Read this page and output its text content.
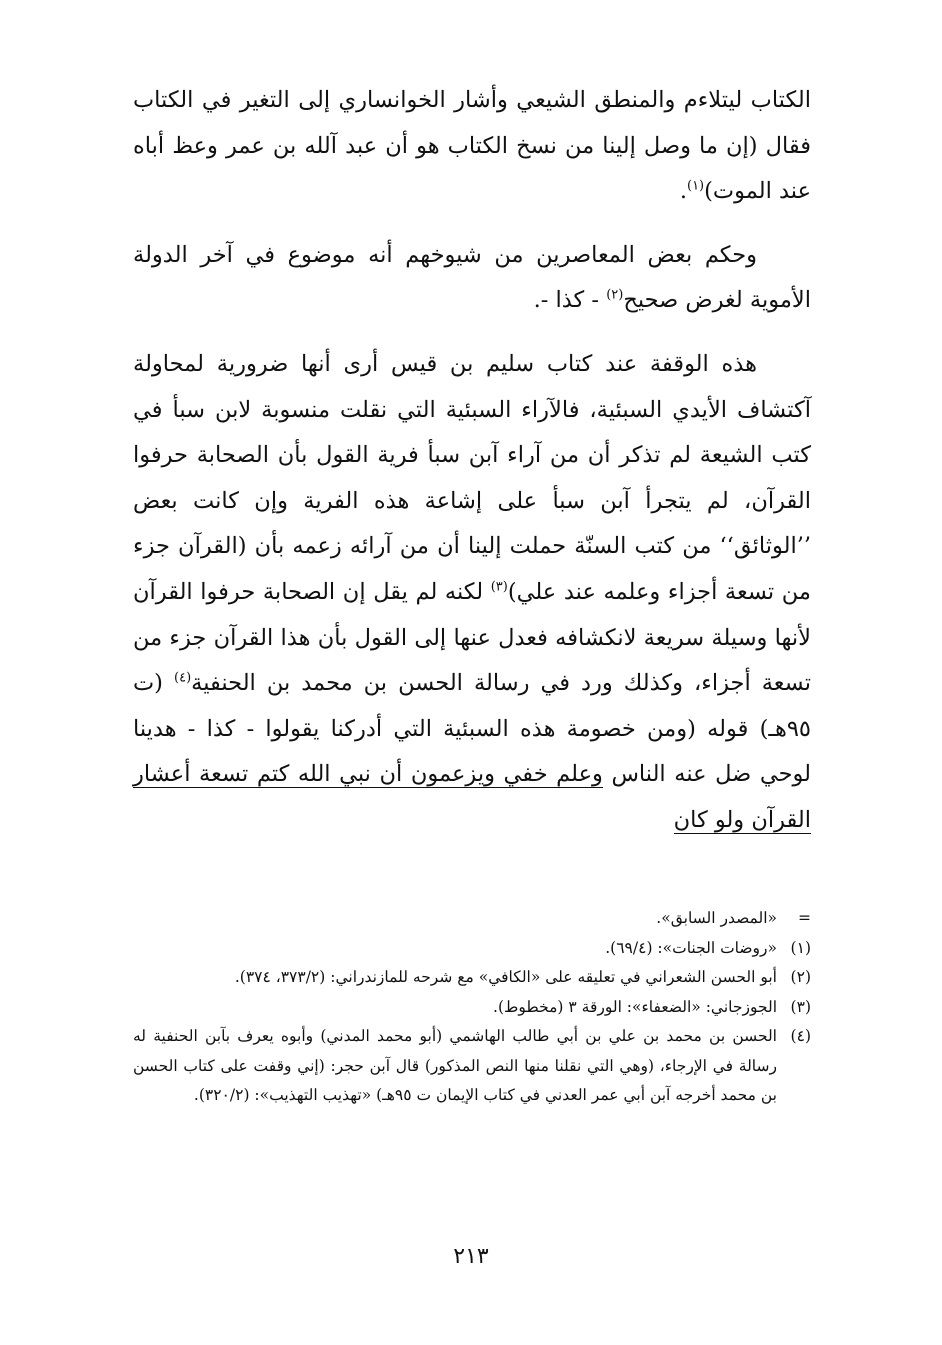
الكتاب ليتلاءم والمنطق الشيعي وأشار الخوانساري إلى التغير في الكتاب فقال (إن ما وصل إلينا من نسخ الكتاب هو أن عبد آلله بن عمر وعظ أباه عند الموت)$^{(١)}$.

وحكم بعض المعاصرين من شيوخهم أنه موضوع في آخر الدولة الأموية لغرض صحيح$^{(٢)}$ - كذا -.

هذه الوقفة عند كتاب سليم بن قيس أرى أنها ضرورية لمحاولة آكتشاف الأيدي السبئية، فالآراء السبئية التي نقلت منسوبة لابن سبأ في كتب الشيعة لم تذكر أن من آراء آبن سبأ فرية القول بأن الصحابة حرفوا القرآن، لم يتجرأ آبن سبأ على إشاعة هذه الفرية وإن كانت بعض ’’الوثائق‘‘ من كتب السنّة حملت إلينا أن من آرائه زعمه بأن (القرآن جزء من تسعة أجزاء وعلمه عند علي)$^{(٣)}$ لكنه لم يقل إن الصحابة حرفوا القرآن لأنها وسيلة سريعة لانكشافه فعدل عنها إلى القول بأن هذا القرآن جزء من تسعة أجزاء، وكذلك ورد في رسالة الحسن بن محمد بن الحنفية$^{(٤)}$ (ت ٩٥هـ) قوله (ومن خصومة هذه السبئية التي أدركنا يقولوا - كذا - هدينا لوحي ضل عنه الناس وعلم خفي ويزعمون أن نبي الله كتم تسعة أعشار القرآن ولو كان

=
«المصدر السابق».
(١)
«روضات الجنات»: (٦٩/٤).
(٢)
أبو الحسن الشعراني في تعليقه على «الكافي» مع شرحه للمازندراني: (٣٧٣/٢، ٣٧٤).
(٣)
الجوزجاني: «الضعفاء»: الورقة ٣ (مخطوط).
(٤)
الحسن بن محمد بن علي بن أبي طالب الهاشمي (أبو محمد المدني) وأبوه يعرف بآبن الحنفية له رسالة في الإرجاء، (وهي التي نقلنا منها النص المذكور) قال آبن حجر: (إني وقفت على كتاب الحسن بن محمد أخرجه آبن أبي عمر العدني في كتاب الإيمان ت ٩٥هـ) «تهذيب التهذيب»: (٣٢٠/٢).
٢١٣
